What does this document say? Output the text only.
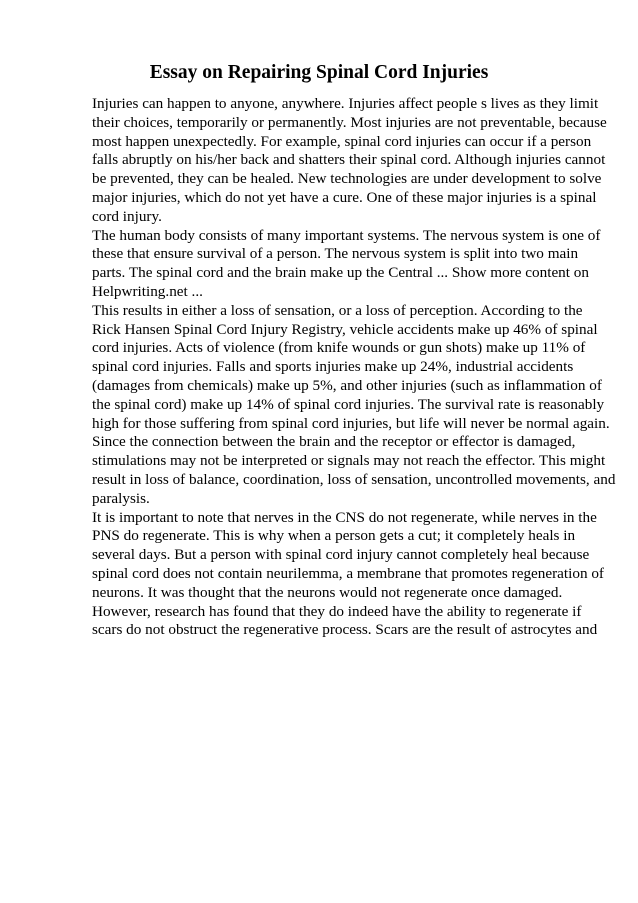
Essay on Repairing Spinal Cord Injuries
Injuries can happen to anyone, anywhere. Injuries affect people s lives as they limit
their choices, temporarily or permanently. Most injuries are not preventable, because
most happen unexpectedly. For example, spinal cord injuries can occur if a person
falls abruptly on his/her back and shatters their spinal cord. Although injuries cannot
be prevented, they can be healed. New technologies are under development to solve
major injuries, which do not yet have a cure. One of these major injuries is a spinal
cord injury.
The human body consists of many important systems. The nervous system is one of
these that ensure survival of a person. The nervous system is split into two main
parts. The spinal cord and the brain make up the Central ... Show more content on
Helpwriting.net ...
This results in either a loss of sensation, or a loss of perception. According to the
Rick Hansen Spinal Cord Injury Registry, vehicle accidents make up 46% of spinal
cord injuries. Acts of violence (from knife wounds or gun shots) make up 11% of
spinal cord injuries. Falls and sports injuries make up 24%, industrial accidents
(damages from chemicals) make up 5%, and other injuries (such as inflammation of
the spinal cord) make up 14% of spinal cord injuries. The survival rate is reasonably
high for those suffering from spinal cord injuries, but life will never be normal again.
Since the connection between the brain and the receptor or effector is damaged,
stimulations may not be interpreted or signals may not reach the effector. This might
result in loss of balance, coordination, loss of sensation, uncontrolled movements, and
paralysis.
It is important to note that nerves in the CNS do not regenerate, while nerves in the
PNS do regenerate. This is why when a person gets a cut; it completely heals in
several days. But a person with spinal cord injury cannot completely heal because
spinal cord does not contain neurilemma, a membrane that promotes regeneration of
neurons. It was thought that the neurons would not regenerate once damaged.
However, research has found that they do indeed have the ability to regenerate if
scars do not obstruct the regenerative process. Scars are the result of astrocytes and
